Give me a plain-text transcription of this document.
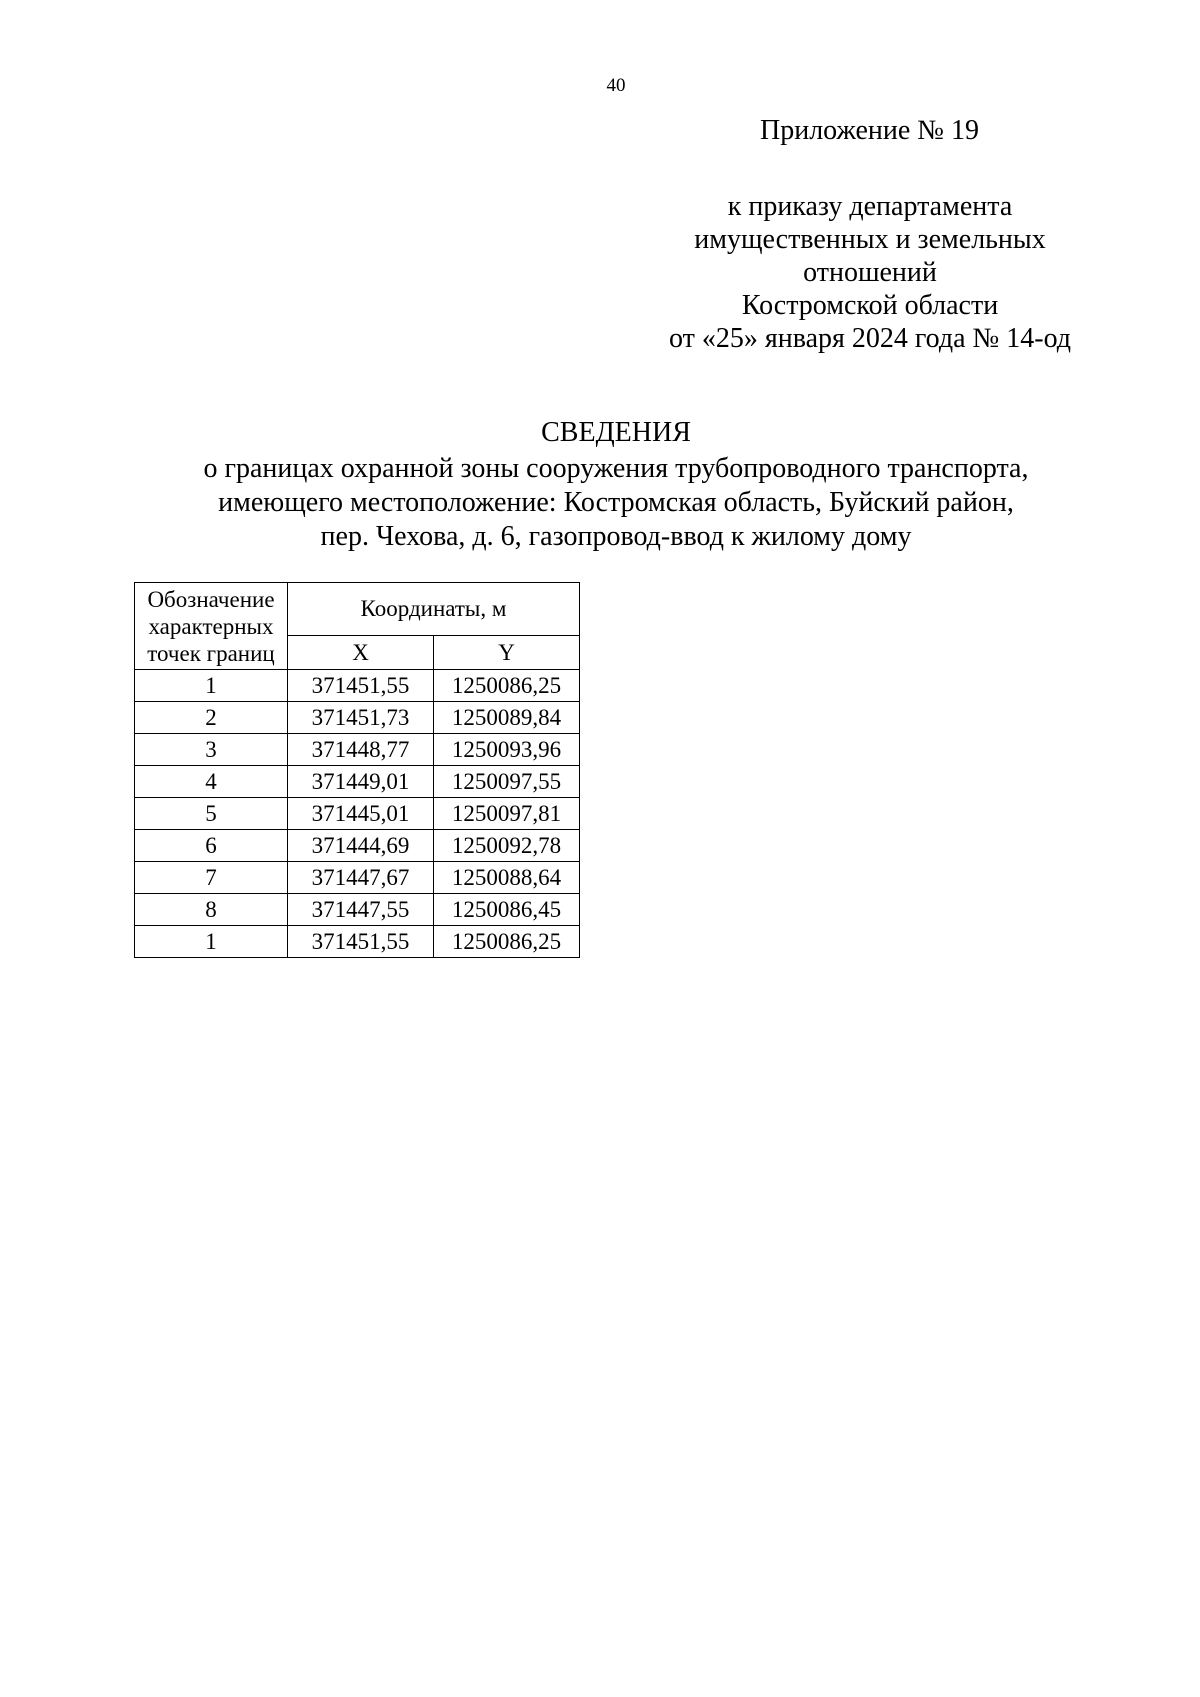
40
Приложение № 19
к приказу департамента
имущественных и земельных
отношений
Костромской области
от «25» января 2024 года № 14-од
СВЕДЕНИЯ
о границах охранной зоны сооружения трубопроводного транспорта,
имеющего местоположение: Костромская область, Буйский район,
пер. Чехова, д. 6, газопровод-ввод к жилому дому
Обозначение
характерных
точек границ	Координаты, м	
	X	Y
1	371451,55	1250086,25
2	371451,73	1250089,84
3	371448,77	1250093,96
4	371449,01	1250097,55
5	371445,01	1250097,81
6	371444,69	1250092,78
7	371447,67	1250088,64
8	371447,55	1250086,45
1	371451,55	1250086,25
